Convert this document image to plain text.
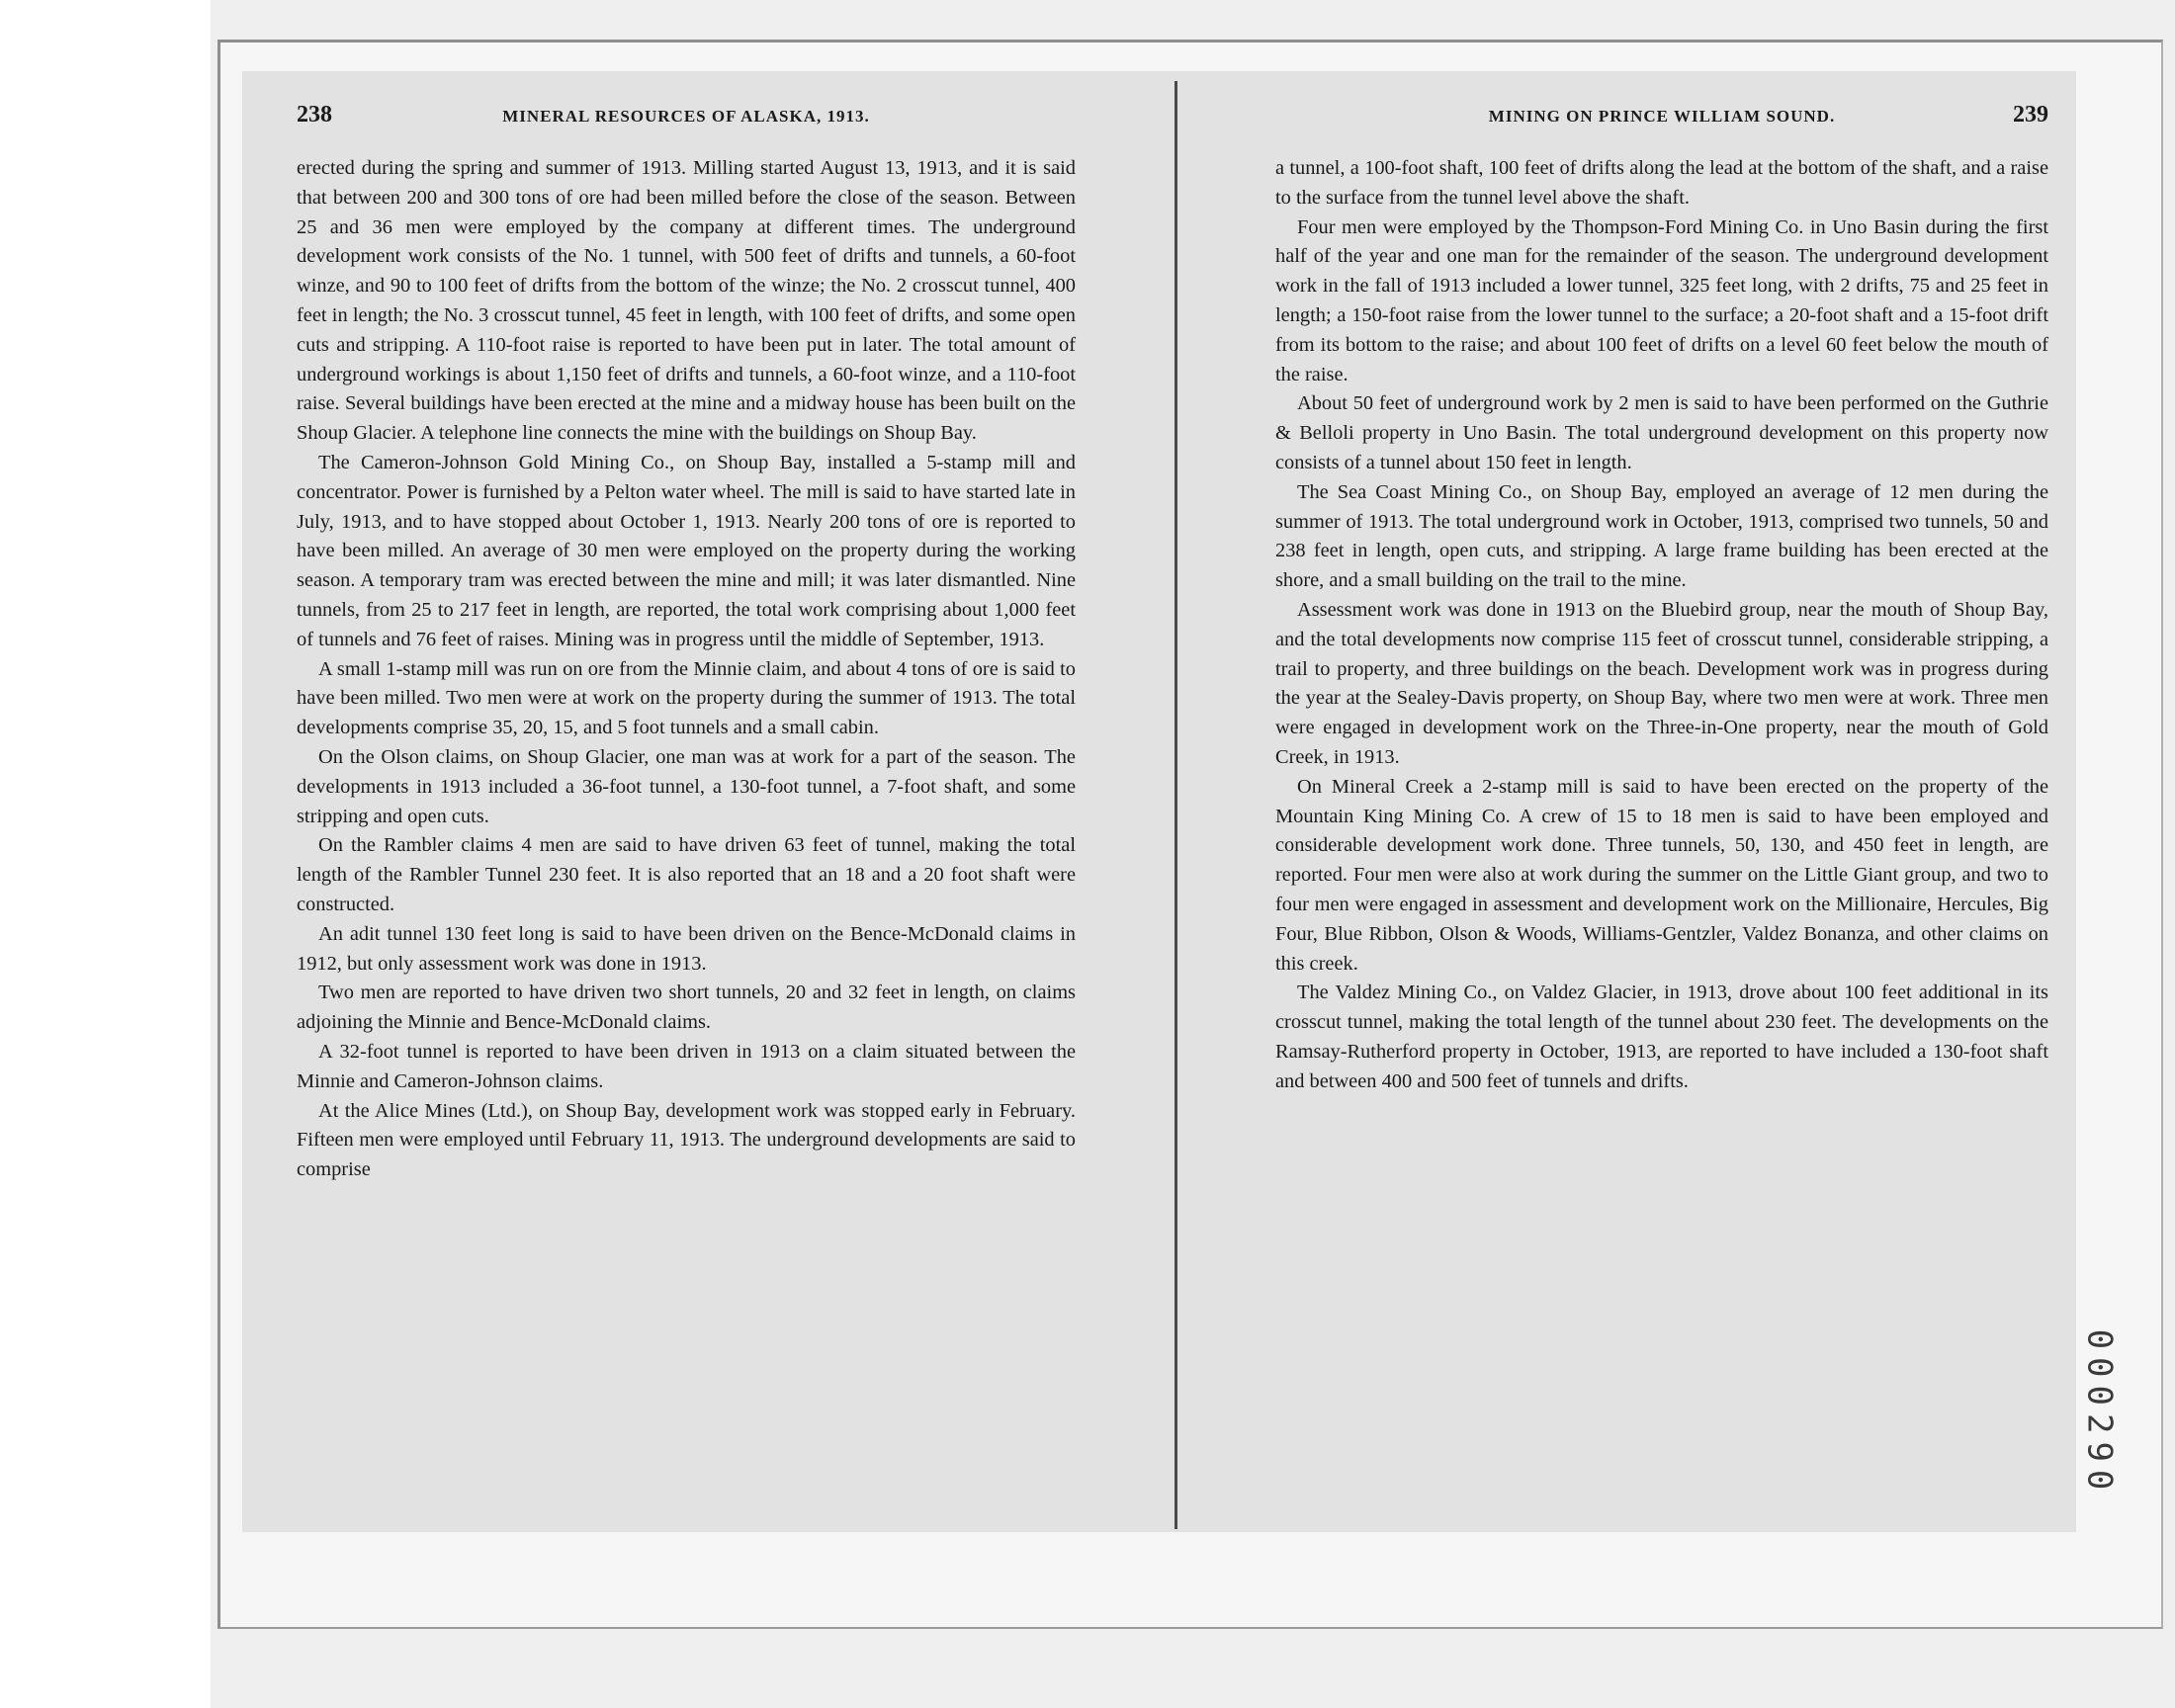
238	MINERAL RESOURCES OF ALASKA, 1913.

erected during the spring and summer of 1913. Milling started August 13, 1913, and it is said that between 200 and 300 tons of ore had been milled before the close of the season. Between 25 and 36 men were employed by the company at different times. The underground development work consists of the No. 1 tunnel, with 500 feet of drifts and tunnels, a 60-foot winze, and 90 to 100 feet of drifts from the bottom of the winze; the No. 2 crosscut tunnel, 400 feet in length; the No. 3 crosscut tunnel, 45 feet in length, with 100 feet of drifts, and some open cuts and stripping. A 110-foot raise is reported to have been put in later. The total amount of underground workings is about 1,150 feet of drifts and tunnels, a 60-foot winze, and a 110-foot raise. Several buildings have been erected at the mine and a midway house has been built on the Shoup Glacier. A telephone line connects the mine with the buildings on Shoup Bay.

The Cameron-Johnson Gold Mining Co., on Shoup Bay, installed a 5-stamp mill and concentrator. Power is furnished by a Pelton water wheel. The mill is said to have started late in July, 1913, and to have stopped about October 1, 1913. Nearly 200 tons of ore is reported to have been milled. An average of 30 men were employed on the property during the working season. A temporary tram was erected between the mine and mill; it was later dismantled. Nine tunnels, from 25 to 217 feet in length, are reported, the total work comprising about 1,000 feet of tunnels and 76 feet of raises. Mining was in progress until the middle of September, 1913.

A small 1-stamp mill was run on ore from the Minnie claim, and about 4 tons of ore is said to have been milled. Two men were at work on the property during the summer of 1913. The total developments comprise 35, 20, 15, and 5 foot tunnels and a small cabin.

On the Olson claims, on Shoup Glacier, one man was at work for a part of the season. The developments in 1913 included a 36-foot tunnel, a 130-foot tunnel, a 7-foot shaft, and some stripping and open cuts.

On the Rambler claims 4 men are said to have driven 63 feet of tunnel, making the total length of the Rambler Tunnel 230 feet. It is also reported that an 18 and a 20 foot shaft were constructed.

An adit tunnel 130 feet long is said to have been driven on the Bence-McDonald claims in 1912, but only assessment work was done in 1913.

Two men are reported to have driven two short tunnels, 20 and 32 feet in length, on claims adjoining the Minnie and Bence-McDonald claims.

A 32-foot tunnel is reported to have been driven in 1913 on a claim situated between the Minnie and Cameron-Johnson claims.

At the Alice Mines (Ltd.), on Shoup Bay, development work was stopped early in February. Fifteen men were employed until February 11, 1913. The underground developments are said to comprise

MINING ON PRINCE WILLIAM SOUND.	239

a tunnel, a 100-foot shaft, 100 feet of drifts along the lead at the bottom of the shaft, and a raise to the surface from the tunnel level above the shaft.

Four men were employed by the Thompson-Ford Mining Co. in Uno Basin during the first half of the year and one man for the remainder of the season. The underground development work in the fall of 1913 included a lower tunnel, 325 feet long, with 2 drifts, 75 and 25 feet in length; a 150-foot raise from the lower tunnel to the surface; a 20-foot shaft and a 15-foot drift from its bottom to the raise; and about 100 feet of drifts on a level 60 feet below the mouth of the raise.

About 50 feet of underground work by 2 men is said to have been performed on the Guthrie & Belloli property in Uno Basin. The total underground development on this property now consists of a tunnel about 150 feet in length.

The Sea Coast Mining Co., on Shoup Bay, employed an average of 12 men during the summer of 1913. The total underground work in October, 1913, comprised two tunnels, 50 and 238 feet in length, open cuts, and stripping. A large frame building has been erected at the shore, and a small building on the trail to the mine.

Assessment work was done in 1913 on the Bluebird group, near the mouth of Shoup Bay, and the total developments now comprise 115 feet of crosscut tunnel, considerable stripping, a trail to property, and three buildings on the beach. Development work was in progress during the year at the Sealey-Davis property, on Shoup Bay, where two men were at work. Three men were engaged in development work on the Three-in-One property, near the mouth of Gold Creek, in 1913.

On Mineral Creek a 2-stamp mill is said to have been erected on the property of the Mountain King Mining Co. A crew of 15 to 18 men is said to have been employed and considerable development work done. Three tunnels, 50, 130, and 450 feet in length, are reported. Four men were also at work during the summer on the Little Giant group, and two to four men were engaged in assessment and development work on the Millionaire, Hercules, Big Four, Blue Ribbon, Olson & Woods, Williams-Gentzler, Valdez Bonanza, and other claims on this creek.

The Valdez Mining Co., on Valdez Glacier, in 1913, drove about 100 feet additional in its crosscut tunnel, making the total length of the tunnel about 230 feet. The developments on the Ramsay-Rutherford property in October, 1913, are reported to have included a 130-foot shaft and between 400 and 500 feet of tunnels and drifts.

000290
